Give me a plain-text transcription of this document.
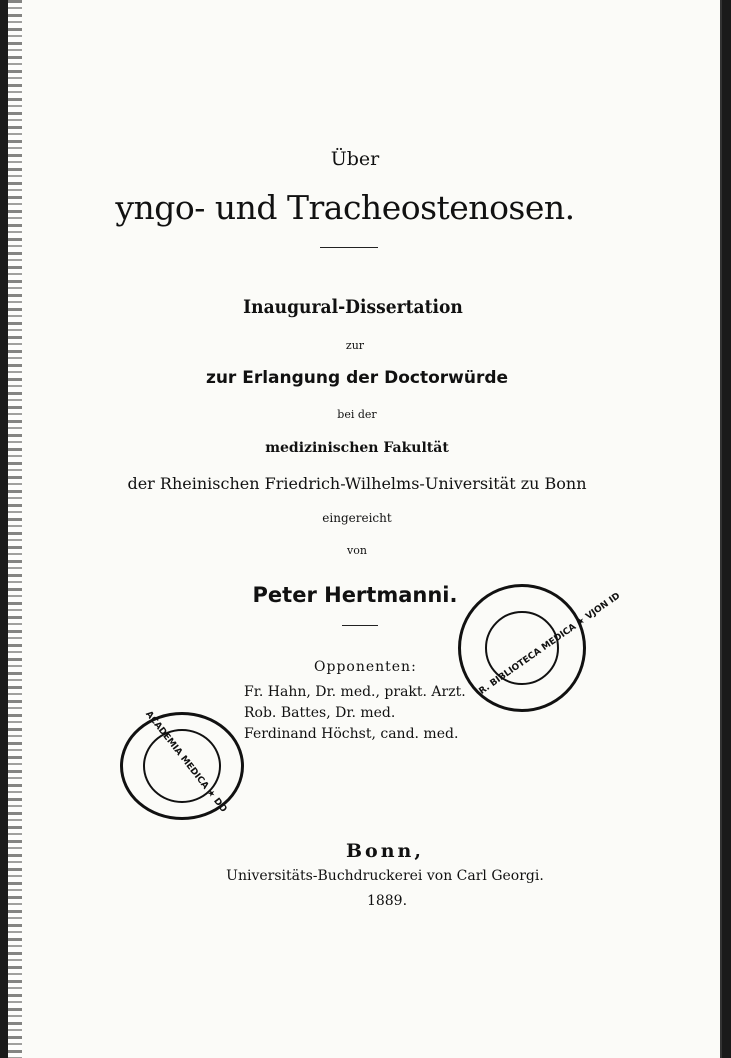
Über
yngo- und Tracheostenosen.
Inaugural-Dissertation
zur
zur Erlangung der Doctorwürde
bei der
medizinischen Fakultät
der Rheinischen Friedrich-Wilhelms-Universität zu Bonn
eingereicht
von
Peter Hertmanni.
Opponenten:
Fr. Hahn, Dr. med., prakt. Arzt.
Rob. Battes, Dr. med.
Ferdinand Höchst, cand. med.
Bonn,
Universitäts-Buchdruckerei von Carl Georgi.
1889.
R. BIBLIOTECA MEDICA ★ VJON ID
ACADEMIA MEDICA ★ DO
